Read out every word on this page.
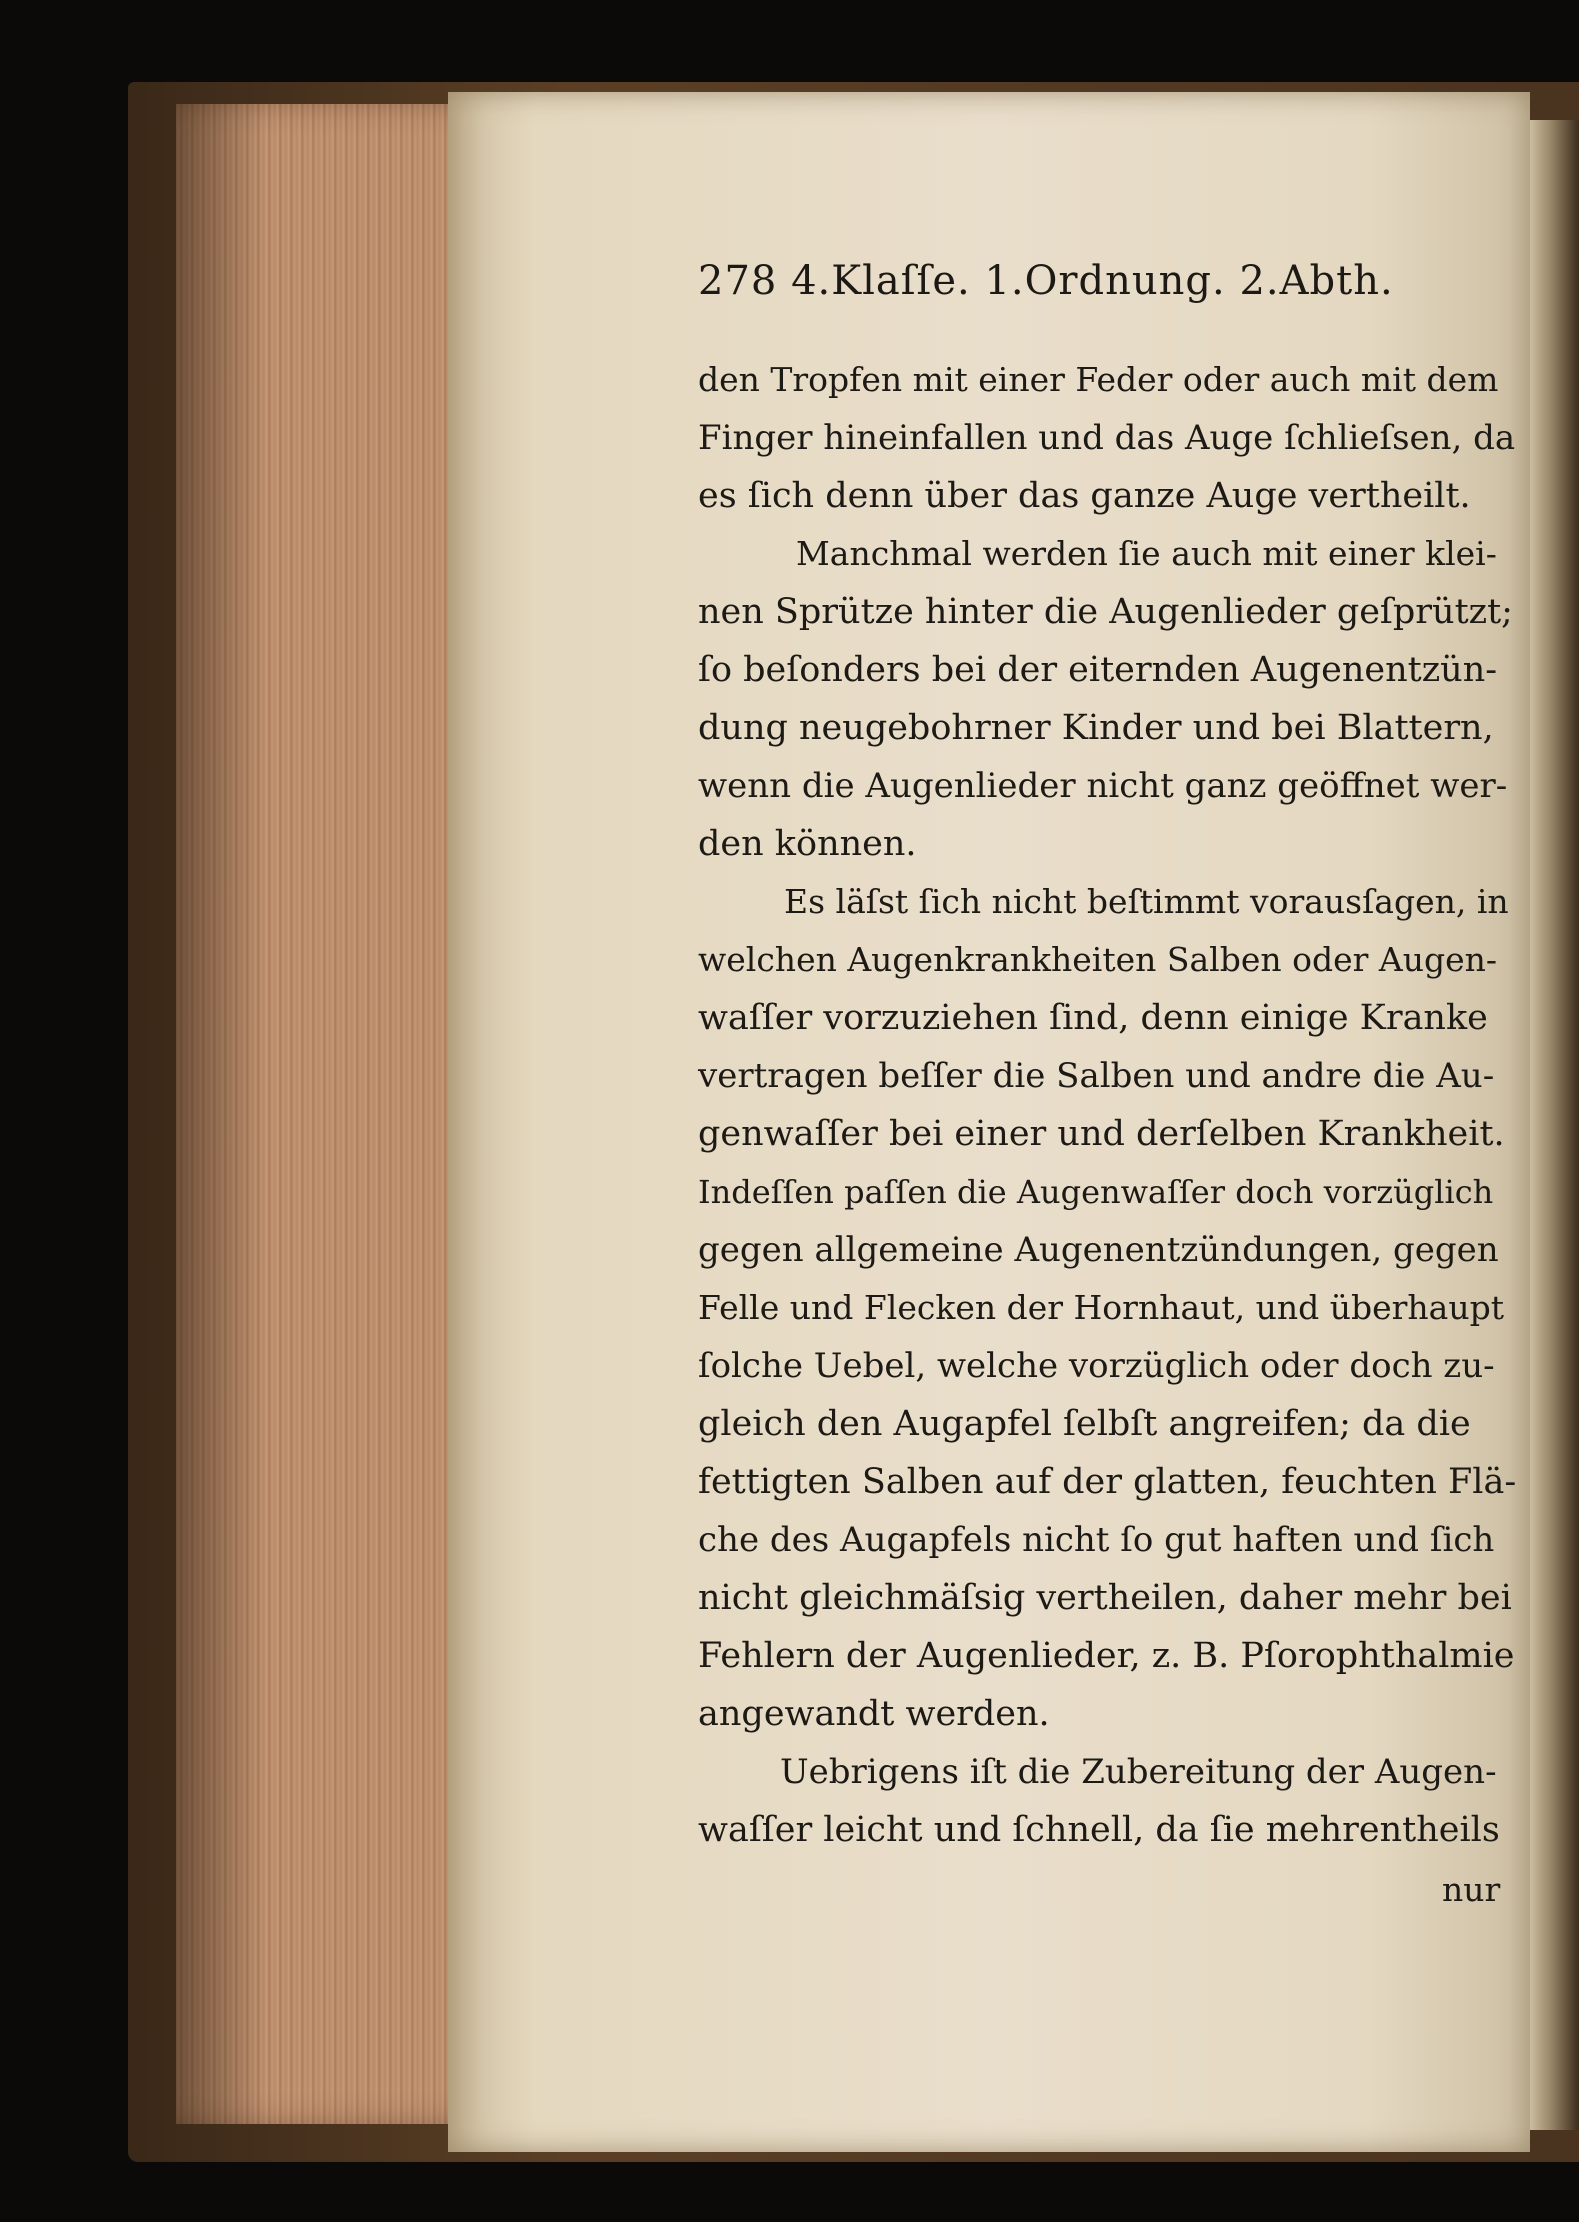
278 4.Klaſſe. 1.Ordnung. 2.Abth.
den Tropfen mit einer Feder oder auch mit dem
Finger hineinfallen und das Auge ſchlieſsen, da
es ſich denn über das ganze Auge vertheilt.
Manchmal werden ſie auch mit einer klei-
nen Sprütze hinter die Augenlieder geſprützt;
ſo beſonders bei der eiternden Augenentzün-
dung neugebohrner Kinder und bei Blattern,
wenn die Augenlieder nicht ganz geöffnet wer-
den können.
Es läſst ſich nicht beſtimmt vorausſagen, in
welchen Augenkrankheiten Salben oder Augen-
waſſer vorzuziehen ſind, denn einige Kranke
vertragen beſſer die Salben und andre die Au-
genwaſſer bei einer und derſelben Krankheit.
Indeſſen paſſen die Augenwaſſer doch vorzüglich
gegen allgemeine Augenentzündungen, gegen
Felle und Flecken der Hornhaut, und überhaupt
ſolche Uebel, welche vorzüglich oder doch zu-
gleich den Augapfel ſelbſt angreifen; da die
fettigten Salben auf der glatten, feuchten Flä-
che des Augapfels nicht ſo gut haften und ſich
nicht gleichmäſsig vertheilen, daher mehr bei
Fehlern der Augenlieder, z. B. Pſorophthalmie
angewandt werden.
Uebrigens iſt die Zubereitung der Augen-
waſſer leicht und ſchnell, da ſie mehrentheils
nur
